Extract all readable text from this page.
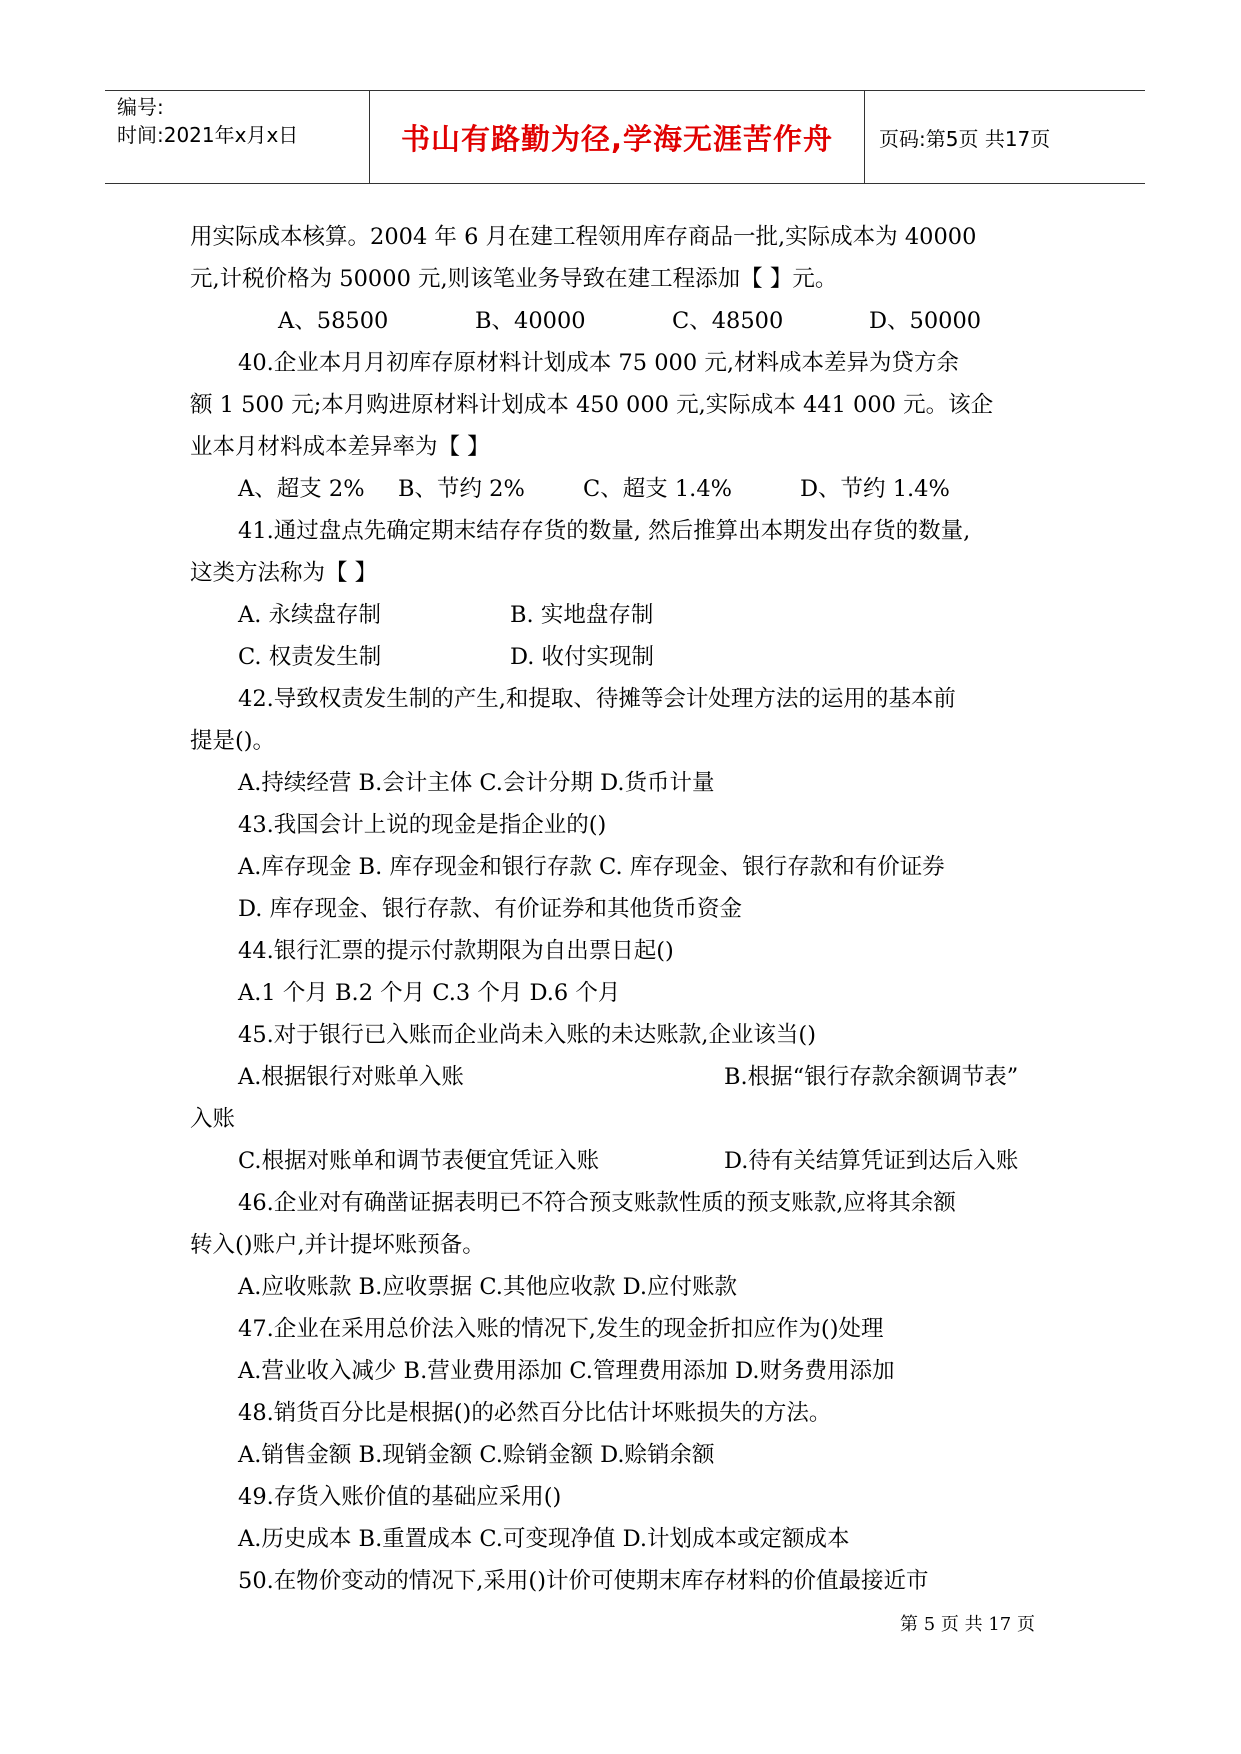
编号:
时间:2021年x月x日	书山有路勤为径,学海无涯苦作舟 页码:第5页 共17页
用实际成本核算。2004 年 6 月在建工程领用库存商品一批,实际成本为 40000
元,计税价格为 50000 元,则该笔业务导致在建工程添加【 】元。
A、58500	B、40000	C、48500	D、50000
40.企业本月月初库存原材料计划成本 75 000 元,材料成本差异为贷方余
额 1 500 元;本月购进原材料计划成本 450 000 元,实际成本 441 000 元。该企
业本月材料成本差异率为【 】
A、超支 2% B、节约 2%	C、超支 1.4%	D、节约 1.4%
41.通过盘点先确定期末结存存货的数量, 然后推算出本期发出存货的数量,
这类方法称为【 】
A. 永续盘存制	B. 实地盘存制
C. 权责发生制	D. 收付实现制
42.导致权责发生制的产生,和提取、待摊等会计处理方法的运用的基本前
提是()。
A.持续经营 B.会计主体 C.会计分期 D.货币计量
43.我国会计上说的现金是指企业的()
A.库存现金 B. 库存现金和银行存款 C. 库存现金、银行存款和有价证券
D. 库存现金、银行存款、有价证券和其他货币资金
44.银行汇票的提示付款期限为自出票日起()
A.1 个月 B.2 个月 C.3 个月 D.6 个月
45.对于银行已入账而企业尚未入账的未达账款,企业该当()
A.根据银行对账单入账	B.根据“银行存款余额调节表”
入账
C.根据对账单和调节表便宜凭证入账	D.待有关结算凭证到达后入账
46.企业对有确凿证据表明已不符合预支账款性质的预支账款,应将其余额
转入()账户,并计提坏账预备。
A.应收账款 B.应收票据 C.其他应收款 D.应付账款
47.企业在采用总价法入账的情况下,发生的现金折扣应作为()处理
A.营业收入减少 B.营业费用添加 C.管理费用添加 D.财务费用添加
48.销货百分比是根据()的必然百分比估计坏账损失的方法。
A.销售金额 B.现销金额 C.赊销金额 D.赊销余额
49.存货入账价值的基础应采用()
A.历史成本 B.重置成本 C.可变现净值 D.计划成本或定额成本
50.在物价变动的情况下,采用()计价可使期末库存材料的价值最接近市
第 5 页 共 17 页
